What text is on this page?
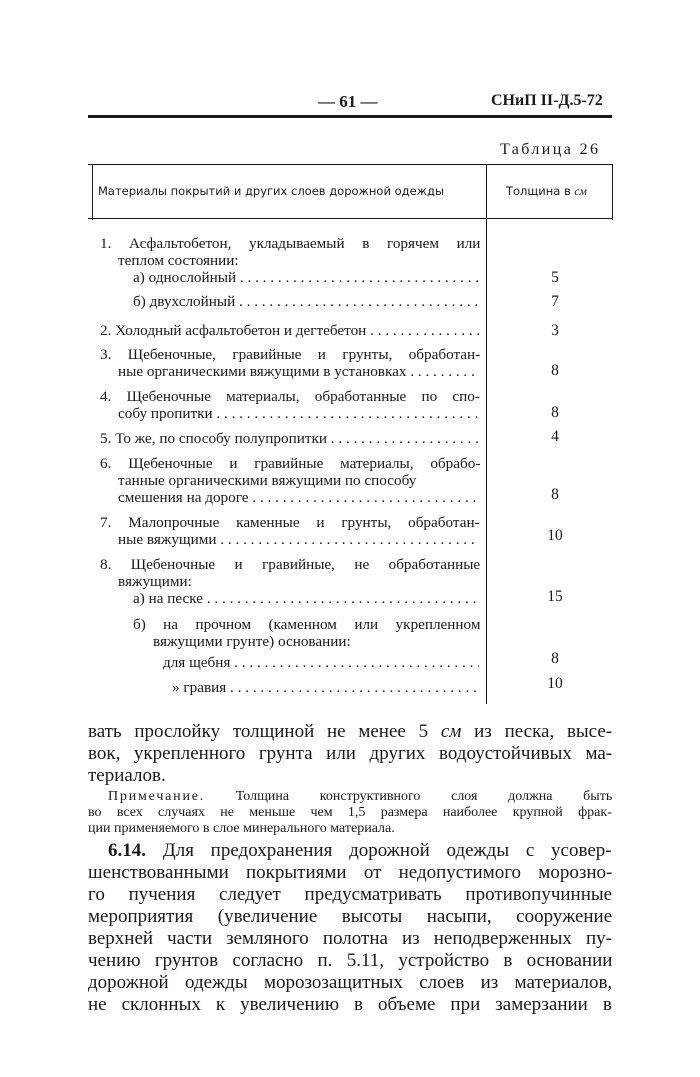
— 61 —	СНиП II-Д.5-72
Таблица 26
Материалы покрытий и других слоев дорожной одежды	Толщина в см
1. Асфальтобетон, укладываемый в горячем или
теплом состоянии:
а) однослойный . . .	5
б) двухслойный . . .	7
2. Холодный асфальтобетон и дегтебетон . . .	3
3. Щебеночные, гравийные и грунты, обработан-
ные органическими вяжущими в установках . . .	8
4. Щебеночные материалы, обработанные по спо-
собу пропитки . . .	8
5. То же, по способу полупропитки . . .	4
6. Щебеночные и гравийные материалы, обрабо-
танные органическими вяжущими по способу
смешения на дороге . . .	8
7. Малопрочные каменные и грунты, обработан-
ные вяжущими . . .	10
8. Щебеночные и гравийные, не обработанные
вяжущими:
а) на песке . . .	15
б) на прочном (каменном или укрепленном
вяжущими грунте) основании:
для щебня . . .	8
» гравия . . .	10
вать прослойку толщиной не менее 5 см из песка, высе-
вок, укрепленного грунта или других водоустойчивых ма-
териалов.
Примечание. Толщина конструктивного слоя должна быть
во всех случаях не меньше чем 1,5 размера наиболее крупной фрак-
ции применяемого в слое минерального материала.
6.14. Для предохранения дорожной одежды с усовер-
шенствованными покрытиями от недопустимого морозно-
го пучения следует предусматривать противопучинные
мероприятия (увеличение высоты насыпи, сооружение
верхней части земляного полотна из неподверженных пу-
чению грунтов согласно п. 5.11, устройство в основании
дорожной одежды морозозащитных слоев из материалов,
не склонных к увеличению в объеме при замерзании в
